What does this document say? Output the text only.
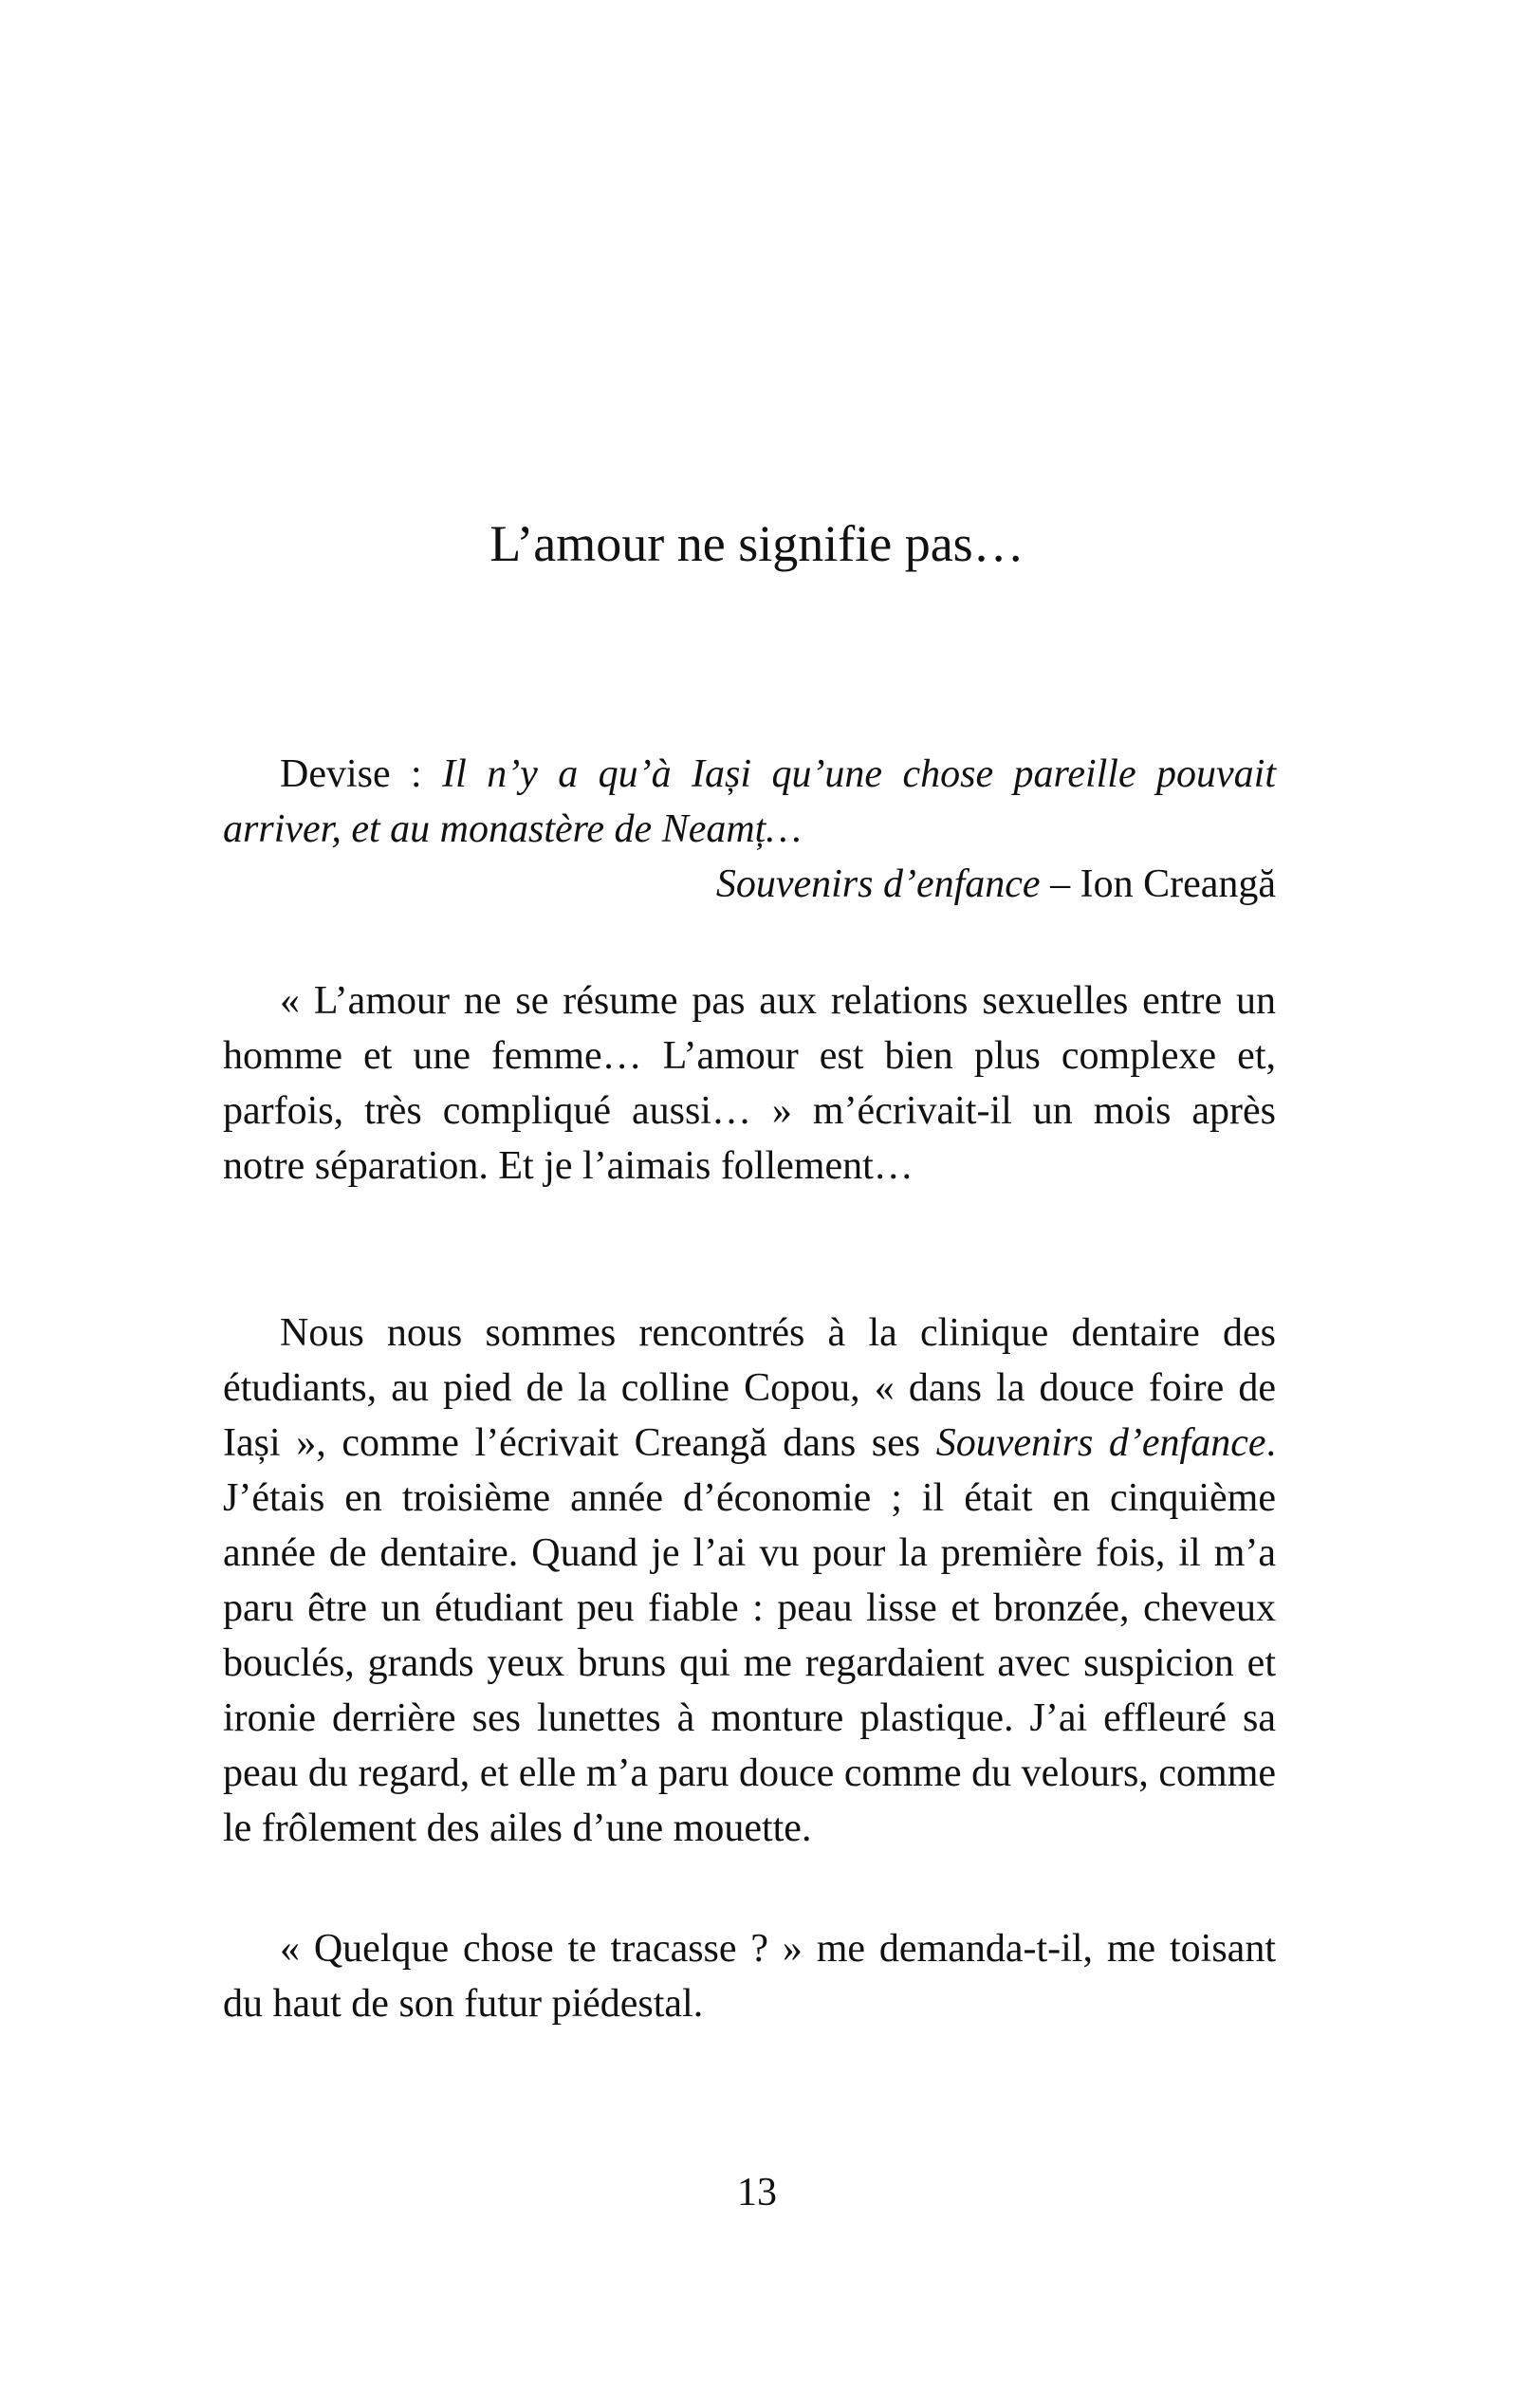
L’amour ne signifie pas…

Devise : Il n’y a qu’à Iași qu’une chose pareille pouvait arriver, et au monastère de Neamț…

Souvenirs d’enfance – Ion Creangă

« L’amour ne se résume pas aux relations sexuelles entre un homme et une femme… L’amour est bien plus complexe et, parfois, très compliqué aussi… » m’écrivait-il un mois après notre séparation. Et je l’aimais follement…

Nous nous sommes rencontrés à la clinique dentaire des étudiants, au pied de la colline Copou, « dans la douce foire de Iași », comme l’écrivait Creangă dans ses Souvenirs d’enfance. J’étais en troisième année d’économie ; il était en cinquième année de dentaire. Quand je l’ai vu pour la première fois, il m’a paru être un étudiant peu fiable : peau lisse et bronzée, cheveux bouclés, grands yeux bruns qui me regardaient avec suspicion et ironie derrière ses lunettes à monture plastique. J’ai effleuré sa peau du regard, et elle m’a paru douce comme du velours, comme le frôlement des ailes d’une mouette.

« Quelque chose te tracasse ? » me demanda-t-il, me toisant du haut de son futur piédestal.

13
